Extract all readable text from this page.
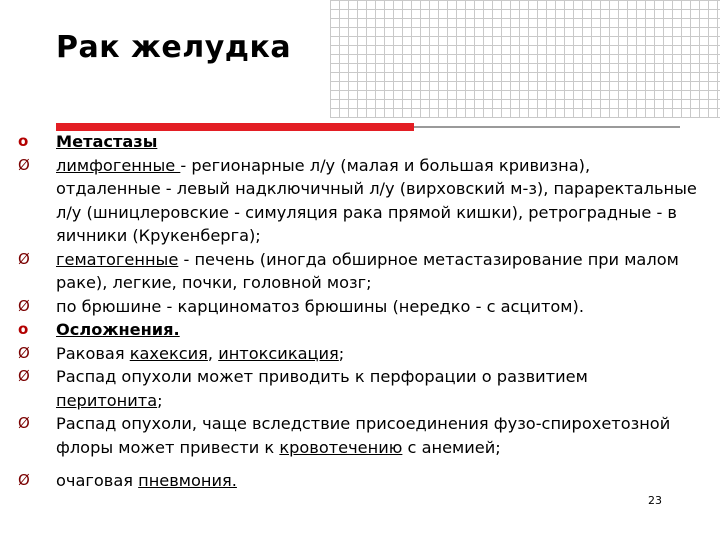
Рак желудка
o	Метастазы
Ø лимфогенные - регионарные л/у (малая и большая кривизна), отдаленные - левый надключичный л/у (вирховский м-з), параректальные л/у (шницлеровские - симуляция рака прямой кишки), ретроградные - в яичники (Крукенберга);
Ø гематогенные - печень (иногда обширное метастазирование при малом раке), легкие, почки, головной мозг;
Ø по брюшине - карциноматоз брюшины (нередко - с асцитом).
o	Осложнения.
Ø Раковая кахексия, интоксикация;
Ø Распад опухоли может приводить к перфорации о развитием перитонита;
Ø Распад опухоли, чаще вследствие присоединения фузо-спирохетозной флоры может привести к кровотечению с анемией;
Ø очаговая пневмония.
23
